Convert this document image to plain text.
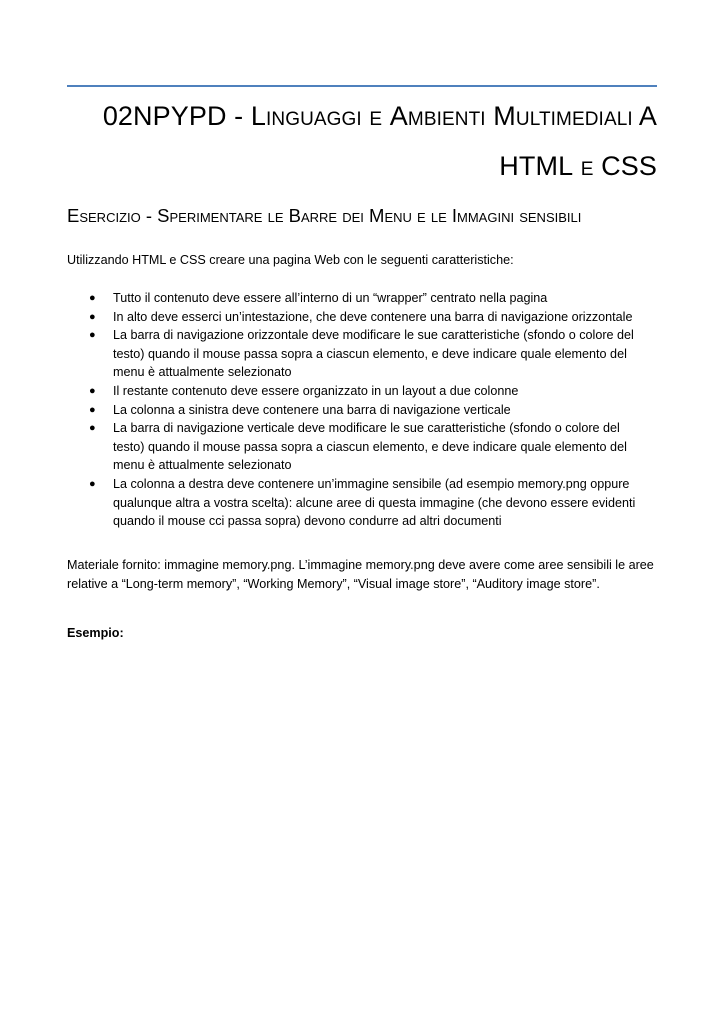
02NPYPD - Linguaggi e Ambienti Multimediali A
HTML e CSS
Esercizio - Sperimentare le Barre dei Menu e le Immagini sensibili

Utilizzando HTML e CSS creare una pagina Web con le seguenti caratteristiche:

● Tutto il contenuto deve essere all’interno di un “wrapper” centrato nella pagina
● In alto deve esserci un’intestazione, che deve contenere una barra di navigazione orizzontale
● La barra di navigazione orizzontale deve modificare le sue caratteristiche (sfondo o colore del testo) quando il mouse passa sopra a ciascun elemento, e deve indicare quale elemento del menu è attualmente selezionato
● Il restante contenuto deve essere organizzato in un layout a due colonne
● La colonna a sinistra deve contenere una barra di navigazione verticale
● La barra di navigazione verticale deve modificare le sue caratteristiche (sfondo o colore del testo) quando il mouse passa sopra a ciascun elemento, e deve indicare quale elemento del menu è attualmente selezionato
● La colonna a destra deve contenere un’immagine sensibile (ad esempio memory.png oppure qualunque altra a vostra scelta): alcune aree di questa immagine (che devono essere evidenti quando il mouse cci passa sopra) devono condurre ad altri documenti

Materiale fornito: immagine memory.png. L’immagine memory.png deve avere come aree sensibili le aree relative a “Long-term memory”, “Working Memory”, “Visual image store”, “Auditory image store”.

Esempio:
